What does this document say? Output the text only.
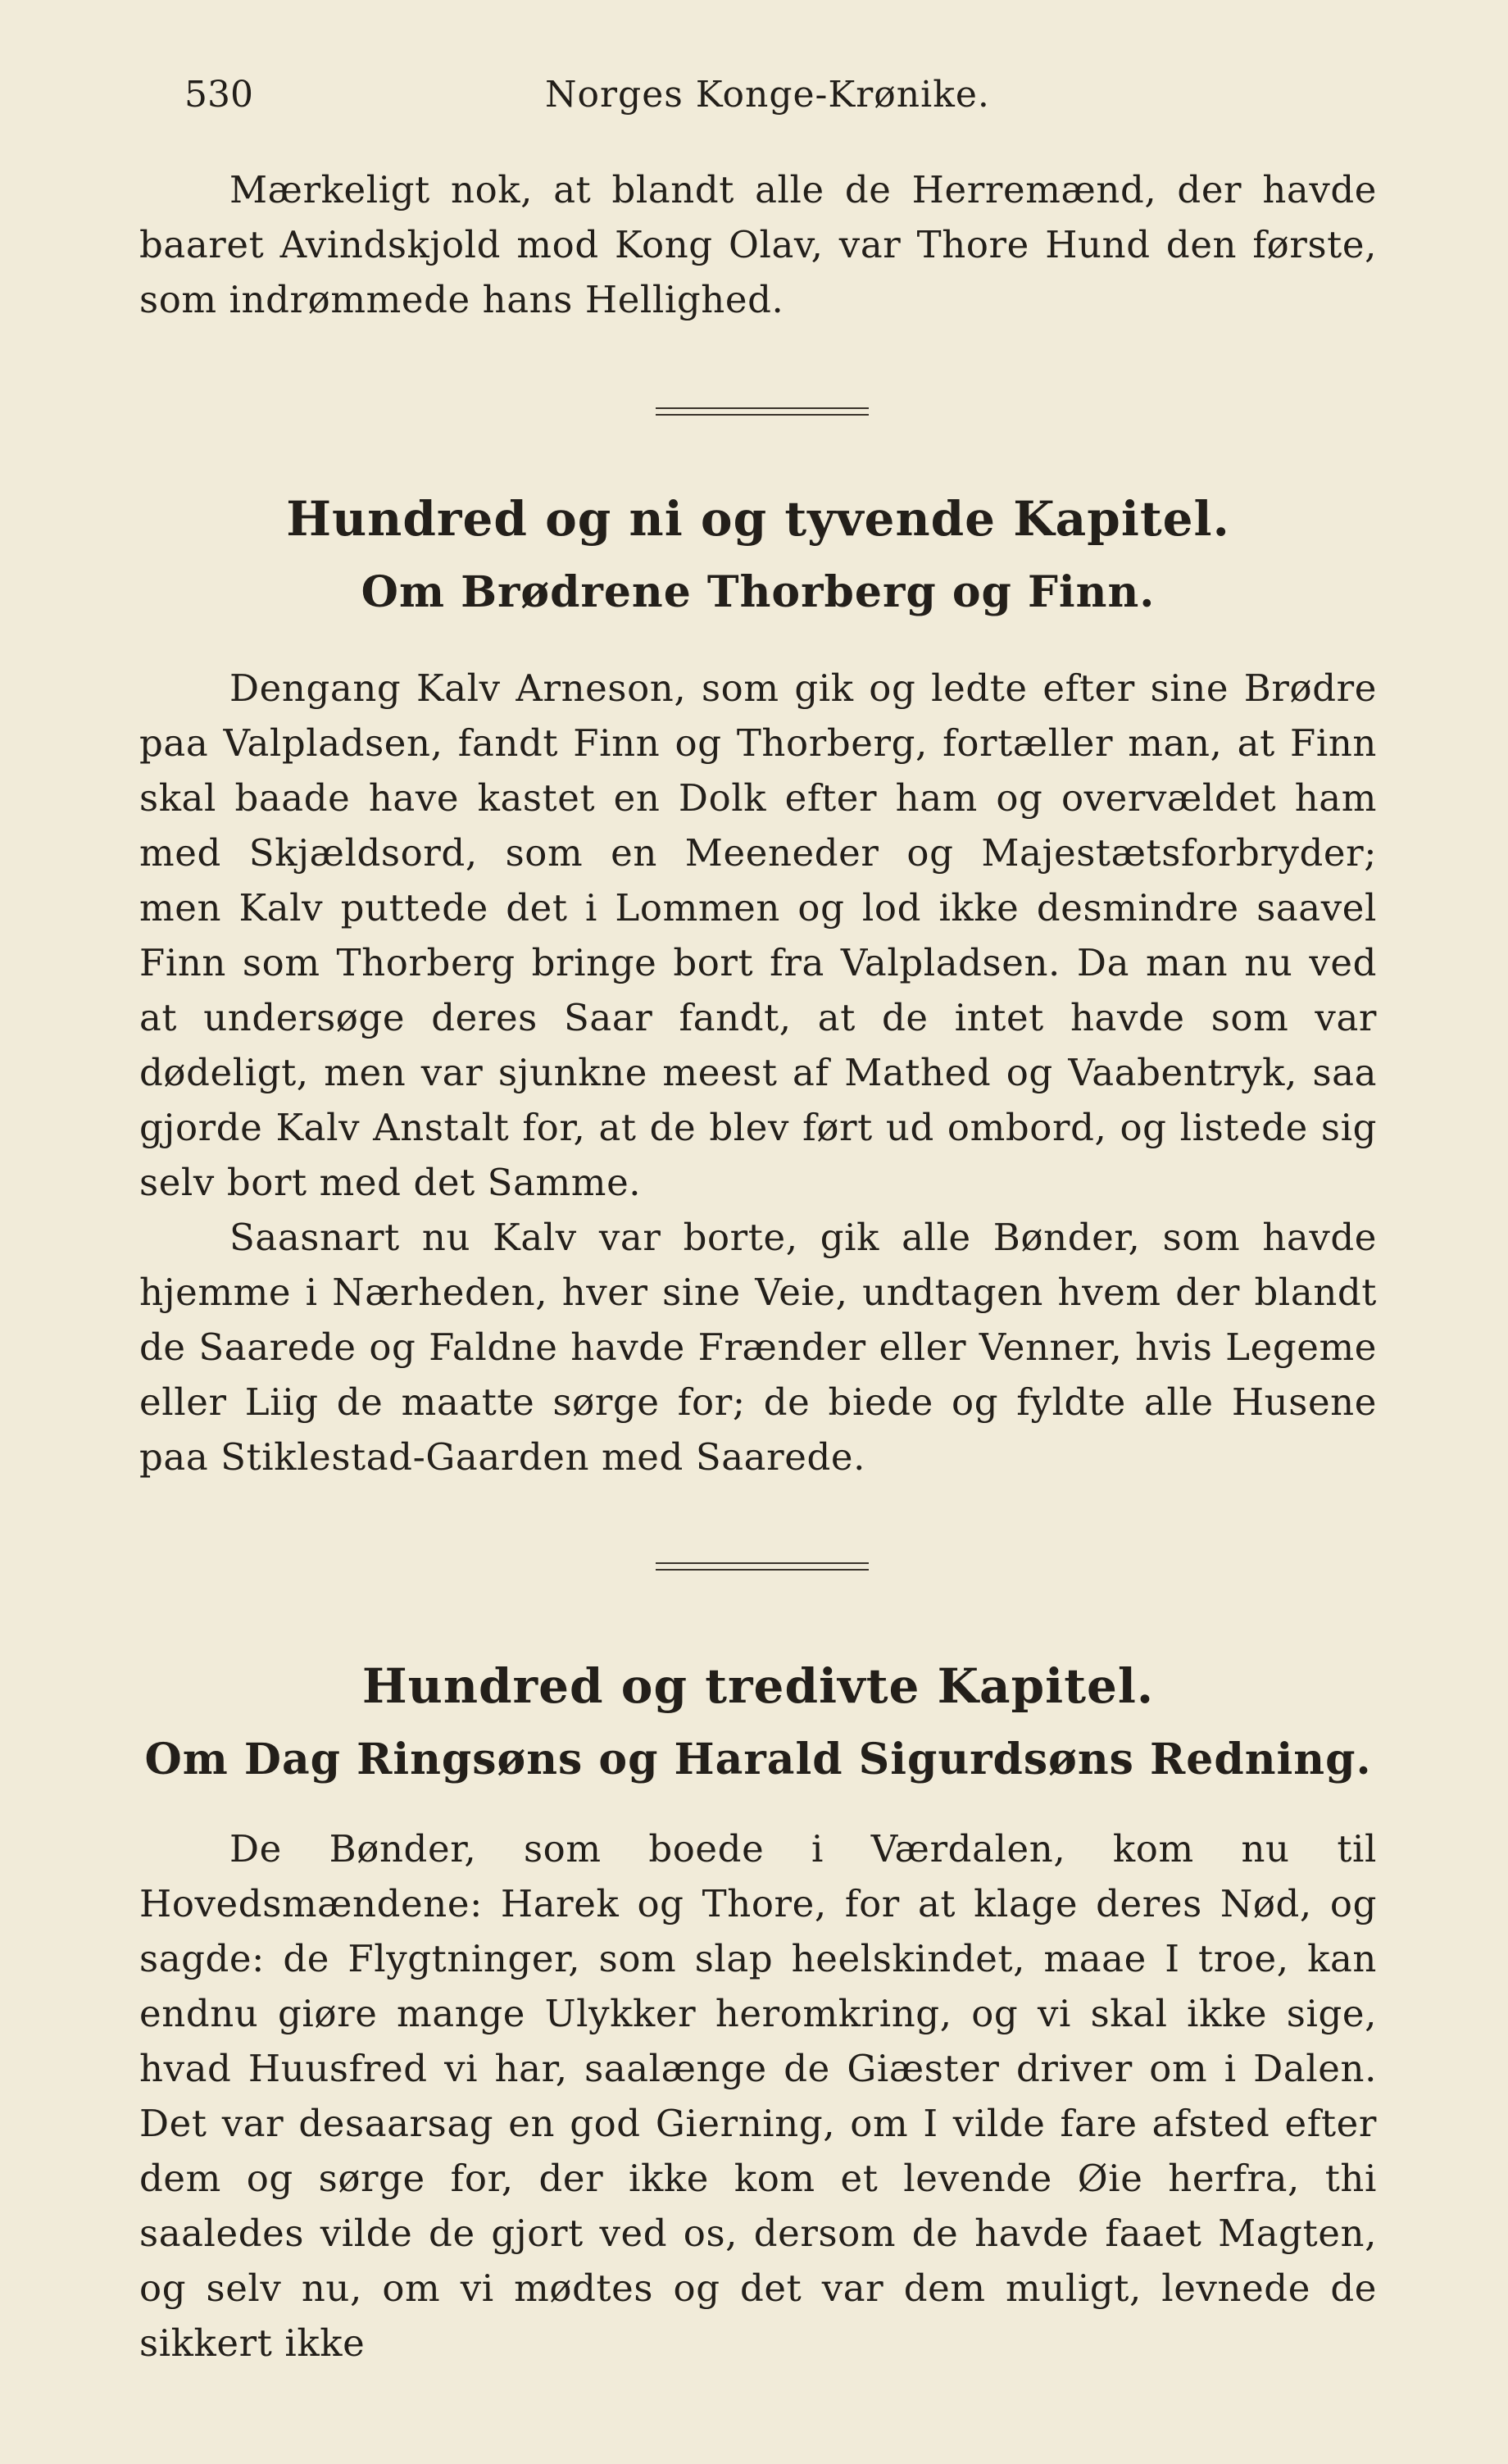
530	Norges Konge-Krønike.

Mærkeligt nok, at blandt alle de Herremænd, der havde baaret Avindskjold mod Kong Olav, var Thore Hund den første, som indrømmede hans Hellighed.

Hundred og ni og tyvende Kapitel.
Om Brødrene Thorberg og Finn.

Dengang Kalv Arneson, som gik og ledte efter sine Brødre paa Valpladsen, fandt Finn og Thorberg, fortæller man, at Finn skal baade have kastet en Dolk efter ham og overvældet ham med Skjældsord, som en Meeneder og Majestætsforbryder; men Kalv puttede det i Lommen og lod ikke desmindre saavel Finn som Thorberg bringe bort fra Valpladsen. Da man nu ved at undersøge deres Saar fandt, at de intet havde som var dødeligt, men var sjunkne meest af Mathed og Vaabentryk, saa gjorde Kalv Anstalt for, at de blev ført ud ombord, og listede sig selv bort med det Samme.

Saasnart nu Kalv var borte, gik alle Bønder, som havde hjemme i Nærheden, hver sine Veie, undtagen hvem der blandt de Saarede og Faldne havde Frænder eller Venner, hvis Legeme eller Liig de maatte sørge for; de biede og fyldte alle Husene paa Stiklestad-Gaarden med Saarede.

Hundred og tredivte Kapitel.
Om Dag Ringsøns og Harald Sigurdsøns Redning.

De Bønder, som boede i Værdalen, kom nu til Hovedsmændene: Harek og Thore, for at klage deres Nød, og sagde: de Flygtninger, som slap heelskindet, maae I troe, kan endnu giøre mange Ulykker heromkring, og vi skal ikke sige, hvad Huusfred vi har, saalænge de Giæster driver om i Dalen. Det var desaarsag en god Gierning, om I vilde fare afsted efter dem og sørge for, der ikke kom et levende Øie herfra, thi saaledes vilde de gjort ved os, dersom de havde faaet Magten, og selv nu, om vi mødtes og det var dem muligt, levnede de sikkert ikke
